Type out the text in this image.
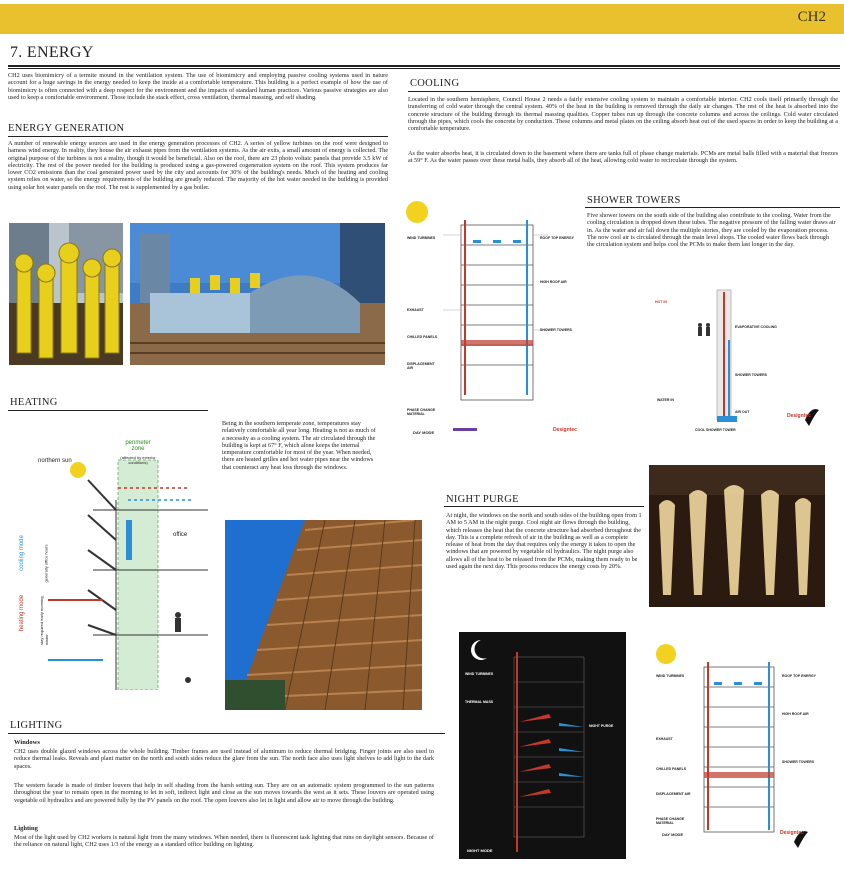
CH2
7. ENERGY
CH2 uses biomimicry of a termite mound in the ventilation system. The use of biomimicry and employing passive cooling systems used in nature account for a huge savings in the energy needed to keep the inside at a comfortable temperature. This building is a perfect example of how the use of biomimicry is often connected with a deep respect for the environment and the impacts of standard human practices. Various passive strategies are also used to keep a comfortable environment. Those include the stack effect, cross ventilation, thermal massing, and self shading.
ENERGY GENERATION
A number of renewable energy sources are used in the energy generation processes of CH2. A series of yellow turbines on the roof were designed to harness wind energy. In reality, they house the air exhaust pipes from the ventilation systems. As the air exits, a small amount of energy is collected. The original purpose of the turbines is not a reality, though it would be beneficial. Also on the roof, there are 23 photo voltaic panels that provide 3.5 kW of electricity. The rest of the power needed for the building is produced using a gas-powered cogeneration system on the roof. This system produces far lower CO2 emissions than the coal generated power used by the city and accounts for 30% of the building's needs. Much of the heating and cooling system relies on water, so the energy requirements of the building are greatly reduced. The majority of the hot water needed in the building is provided using solar hot water panels on the roof. The rest is supplemented by a gas boiler.
HEATING
Being in the southern temperate zone, temperatures stay relatively comfortable all year long. Heating is not as much of a necessity as a cooling system. The air circulated through the building is kept at 67° F, which alone keeps the internal temperature comfortable for most of the year. When needed, there are heated grilles and hot water pipes near the windows that counteract any heat loss through the windows.
northern sun
perimeter zone
(affected by exterior conditions)
office
cooling mode	generally office hours
heating mode	stay required early morning, winter
COOLING
Located in the southern hemisphere, Council House 2 needs a fairly extensive cooling system to maintain a comfortable interior. CH2 cools itself primarily through the transferring of cold water through the central system. 40% of the heat in the building is removed through the daily air changes. The rest of the heat is absorbed into the concrete structure of the building through its thermal massing qualities. Copper tubes run up through the concrete columns and across the ceilings. Cold water circulated through the pipes, which cools the concrete by conduction. These columns and metal plates on the ceiling absorb heat out of the used spaces in order to keep the building at a comfortable temperature.
As the water absorbs heat, it is circulated down to the basement where there are tanks full of phase change materials. PCMs are metal balls filled with a material that freezes at 59° F. As the water passes over these metal balls, they absorb all of the heat, allowing cold water to recirculate through the system.
WIND TURBINES	ROOF TOP ENERGY
HIGH ROOF AIR
EXHAUST
CHILLED PANELS
SHOWER TOWERS
DISPLACEMENT AIR
PHASE CHANGE MATERIAL
DAY MODE	Designtec
SHOWER TOWERS
Five shower towers on the south side of the building also contribute to the cooling. Water from the cooling circulation is dropped down these tubes. The negative pressure of the falling water draws air in. As the water and air fall down the multiple stories, they are cooled by the evaporation process. The now cool air is circulated through the main level shops. The cooled water flows back through the circulation system and helps cool the PCMs to make them last longer in the day.
HOT IN
EVAPORATIVE COOLING
SHOWER TOWERS
WATER IN
AIR OUT
COOL SHOWER TOWER
Designtec
NIGHT PURGE
At night, the windows on the north and south sides of the building open from 1 AM to 5 AM in the night purge. Cool night air flows through the building, which releases the heat that the concrete structure had absorbed throughout the day. This is a complete refresh of air in the building as well as a complete release of heat from the day that requires only the energy it takes to open the windows that are powered by vegetable oil hydraulics. The night purge also allows all of the heat to be released from the PCMs, making them ready to be used again the next day. This process reduces the energy costs by 20%.
WIND TURBINES
THERMAL MASS
NIGHT PURGE
NIGHT MODE
WIND TURBINES	ROOF TOP ENERGY
HIGH ROOF AIR
EXHAUST
CHILLED PANELS
SHOWER TOWERS
DISPLACEMENT AIR
PHASE CHANGE MATERIAL
DAY MODE	Designtec
LIGHTING
Windows
CH2 uses double glazed windows across the whole building. Timber frames are used instead of aluminum to reduce thermal bridging. Finger joints are also used to reduce thermal leaks. Reveals and plant matter on the north and south sides reduce the glare from the sun. The north face also uses light shelves to add light to the dark spaces.
The western facade is made of timber louvers that help in self shading from the harsh setting sun. They are on an automatic system programmed to the sun patterns throughout the year to remain open in the morning to let in soft, indirect light and close as the sun moves towards the west as it sets. These louvers are operated using vegetable oil hydraulics and are powered fully by the PV panels on the roof. The open louvers also let in light and allow air to move through the building.
Lighting
Most of the light used by CH2 workers is natural light from the many windows. When needed, there is fluorescent task lighting that runs on daylight sensors. Because of the reliance on natural light, CH2 uses 1/3 of the energy as a standard office building on lighting.
